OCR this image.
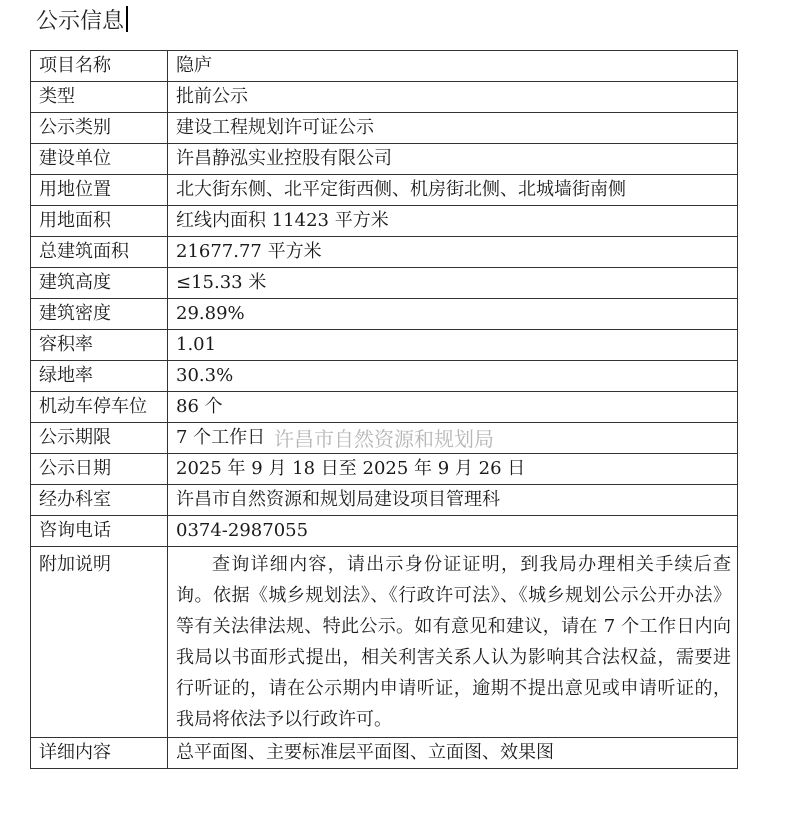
公示信息
项目名称	隐庐
类型	批前公示
公示类别	建设工程规划许可证公示
建设单位	许昌静泓实业控股有限公司
用地位置	北大街东侧、北平定街西侧、机房街北侧、北城墙街南侧
用地面积	红线内面积 11423 平方米
总建筑面积	21677.77 平方米
建筑高度	≤15.33 米
建筑密度	29.89%
容积率	1.01
绿地率	30.3%
机动车停车位	86 个
公示期限	7 个工作日
公示日期	2025 年 9 月 18 日至 2025 年 9 月 26 日
经办科室	许昌市自然资源和规划局建设项目管理科
咨询电话	0374-2987055
附加说明	查询详细内容，请出示身份证证明，到我局办理相关手续后查询。依据《城乡规划法》、《行政许可法》、《城乡规划公示公开办法》等有关法律法规、特此公示。如有意见和建议，请在 7 个工作日内向我局以书面形式提出，相关利害关系人认为影响其合法权益，需要进行听证的，请在公示期内申请听证，逾期不提出意见或申请听证的，我局将依法予以行政许可。
详细内容	总平面图、主要标准层平面图、立面图、效果图
许昌市自然资源和规划局
